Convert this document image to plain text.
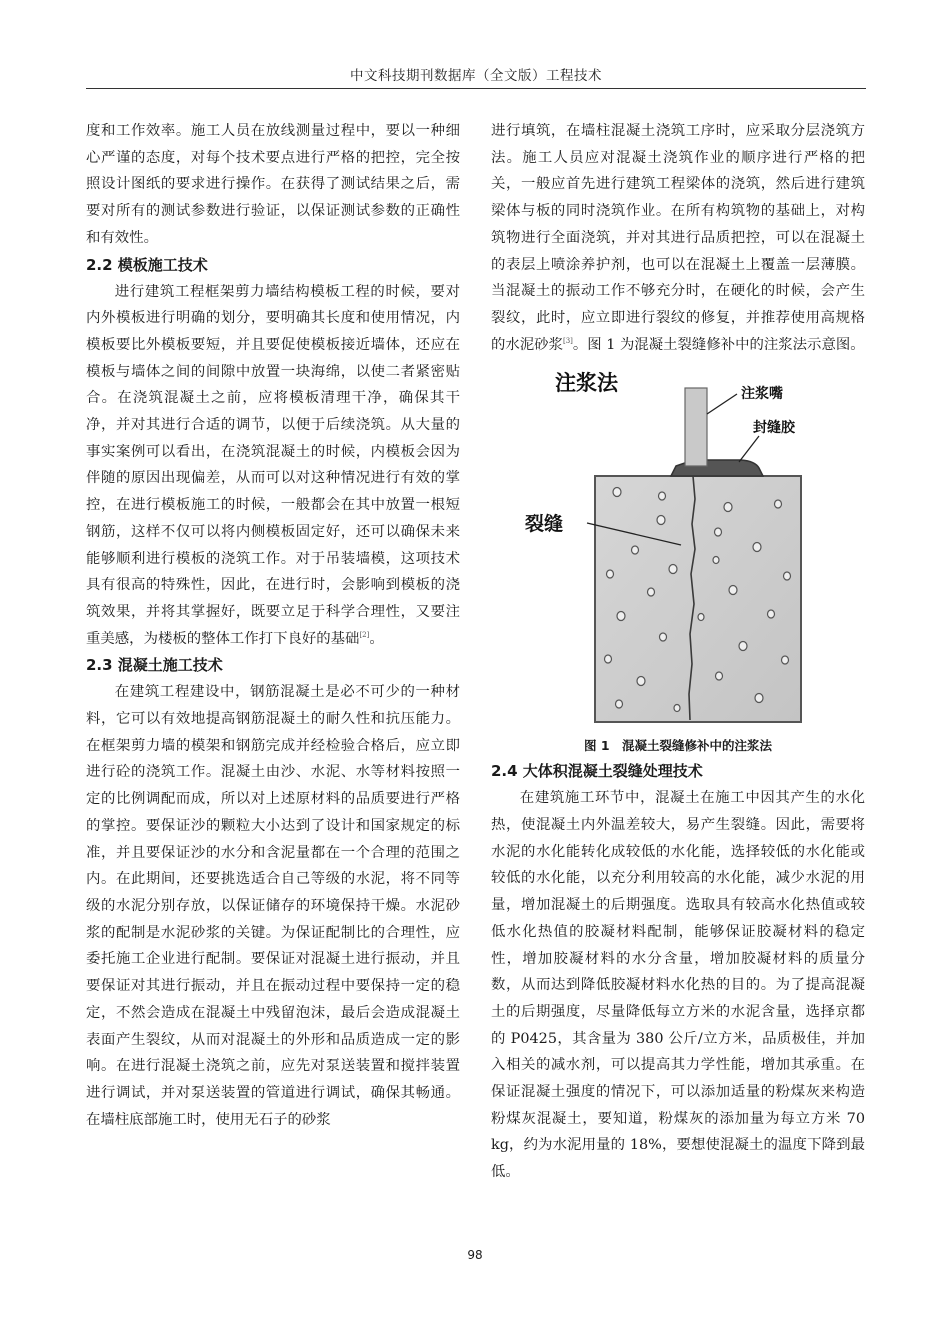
中文科技期刊数据库（全文版）工程技术

度和工作效率。施工人员在放线测量过程中，要以一种细心严谨的态度，对每个技术要点进行严格的把控，完全按照设计图纸的要求进行操作。在获得了测试结果之后，需要对所有的测试参数进行验证，以保证测试参数的正确性和有效性。

2.2 模板施工技术

进行建筑工程框架剪力墙结构模板工程的时候，要对内外模板进行明确的划分，要明确其长度和使用情况，内模板要比外模板要短，并且要促使模板接近墙体，还应在模板与墙体之间的间隙中放置一块海绵，以使二者紧密贴合。在浇筑混凝土之前，应将模板清理干净，确保其干净，并对其进行合适的调节，以便于后续浇筑。从大量的事实案例可以看出，在浇筑混凝土的时候，内模板会因为伴随的原因出现偏差，从而可以对这种情况进行有效的掌控，在进行模板施工的时候，一般都会在其中放置一根短钢筋，这样不仅可以将内侧模板固定好，还可以确保未来能够顺利进行模板的浇筑工作。对于吊装墙模，这项技术具有很高的特殊性，因此，在进行时，会影响到模板的浇筑效果，并将其掌握好，既要立足于科学合理性，又要注重美感，为楼板的整体工作打下良好的基础[2]。

2.3 混凝土施工技术

在建筑工程建设中，钢筋混凝土是必不可少的一种材料，它可以有效地提高钢筋混凝土的耐久性和抗压能力。在框架剪力墙的模架和钢筋完成并经检验合格后，应立即进行砼的浇筑工作。混凝土由沙、水泥、水等材料按照一定的比例调配而成，所以对上述原材料的品质要进行严格的掌控。要保证沙的颗粒大小达到了设计和国家规定的标准，并且要保证沙的水分和含泥量都在一个合理的范围之内。在此期间，还要挑选适合自己等级的水泥，将不同等级的水泥分别存放，以保证储存的环境保持干燥。水泥砂浆的配制是水泥砂浆的关键。为保证配制比的合理性，应委托施工企业进行配制。要保证对混凝土进行振动，并且要保证对其进行振动，并且在振动过程中要保持一定的稳定，不然会造成在混凝土中残留泡沫，最后会造成混凝土表面产生裂纹，从而对混凝土的外形和品质造成一定的影响。在进行混凝土浇筑之前，应先对泵送装置和搅拌装置进行调试，并对泵送装置的管道进行调试，确保其畅通。在墙柱底部施工时，使用无石子的砂浆

进行填筑，在墙柱混凝土浇筑工序时，应采取分层浇筑方法。施工人员应对混凝土浇筑作业的顺序进行严格的把关，一般应首先进行建筑工程梁体的浇筑，然后进行建筑梁体与板的同时浇筑作业。在所有构筑物的基础上，对构筑物进行全面浇筑，并对其进行品质把控，可以在混凝土的表层上喷涂养护剂，也可以在混凝土上覆盖一层薄膜。当混凝土的振动工作不够充分时，在硬化的时候，会产生裂纹，此时，应立即进行裂纹的修复，并推荐使用高规格的水泥砂浆[3]。图 1 为混凝土裂缝修补中的注浆法示意图。

注浆法	注浆嘴
封缝胶
裂缝

图 1　混凝土裂缝修补中的注浆法

2.4 大体积混凝土裂缝处理技术

在建筑施工环节中，混凝土在施工中因其产生的水化热，使混凝土内外温差较大，易产生裂缝。因此，需要将水泥的水化能转化成较低的水化能，选择较低的水化能或较低的水化能，以充分利用较高的水化能，减少水泥的用量，增加混凝土的后期强度。选取具有较高水化热值或较低水化热值的胶凝材料配制，能够保证胶凝材料的稳定性，增加胶凝材料的水分含量，增加胶凝材料的质量分数，从而达到降低胶凝材料水化热的目的。为了提高混凝土的后期强度，尽量降低每立方米的水泥含量，选择京都的 P0425，其含量为 380 公斤/立方米，品质极佳，并加入相关的减水剂，可以提高其力学性能，增加其承重。在保证混凝土强度的情况下，可以添加适量的粉煤灰来构造粉煤灰混凝土，要知道，粉煤灰的添加量为每立方米 70 kg，约为水泥用量的 18%，要想使混凝土的温度下降到最低。

98
